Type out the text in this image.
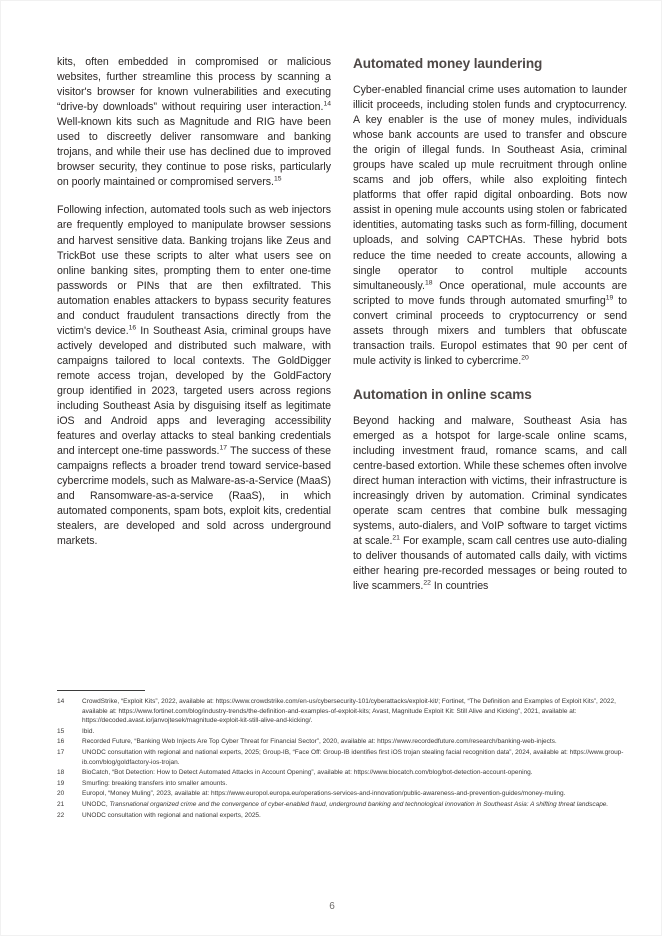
kits, often embedded in compromised or malicious websites, further streamline this process by scanning a visitor's browser for known vulnerabilities and executing “drive-by downloads” without requiring user interaction.$^{14}$ Well-known kits such as Magnitude and RIG have been used to discreetly deliver ransomware and banking trojans, and while their use has declined due to improved browser security, they continue to pose risks, particularly on poorly maintained or compromised servers.$^{15}$

Following infection, automated tools such as web injectors are frequently employed to manipulate browser sessions and harvest sensitive data. Banking trojans like Zeus and TrickBot use these scripts to alter what users see on online banking sites, prompting them to enter one-time passwords or PINs that are then exfiltrated. This automation enables attackers to bypass security features and conduct fraudulent transactions directly from the victim's device.$^{16}$ In Southeast Asia, criminal groups have actively developed and distributed such malware, with campaigns tailored to local contexts. The GoldDigger remote access trojan, developed by the GoldFactory group identified in 2023, targeted users across regions including Southeast Asia by disguising itself as legitimate iOS and Android apps and leveraging accessibility features and overlay attacks to steal banking credentials and intercept one-time passwords.$^{17}$ The success of these campaigns reflects a broader trend toward service-based cybercrime models, such as Malware-as-a-Service (MaaS) and Ransomware-as-a-service (RaaS), in which automated components, spam bots, exploit kits, credential stealers, are developed and sold across underground markets.

Automated money laundering

Cyber-enabled financial crime uses automation to launder illicit proceeds, including stolen funds and cryptocurrency. A key enabler is the use of money mules, individuals whose bank accounts are used to transfer and obscure the origin of illegal funds. In Southeast Asia, criminal groups have scaled up mule recruitment through online scams and job offers, while also exploiting fintech platforms that offer rapid digital onboarding. Bots now assist in opening mule accounts using stolen or fabricated identities, automating tasks such as form-filling, document uploads, and solving CAPTCHAs. These hybrid bots reduce the time needed to create accounts, allowing a single operator to control multiple accounts simultaneously.$^{18}$ Once operational, mule accounts are scripted to move funds through automated smurfing$^{19}$ to convert criminal proceeds to cryptocurrency or send assets through mixers and tumblers that obfuscate transaction trails. Europol estimates that 90 per cent of mule activity is linked to cybercrime.$^{20}$

Automation in online scams

Beyond hacking and malware, Southeast Asia has emerged as a hotspot for large-scale online scams, including investment fraud, romance scams, and call centre-based extortion. While these schemes often involve direct human interaction with victims, their infrastructure is increasingly driven by automation. Criminal syndicates operate scam centres that combine bulk messaging systems, auto-dialers, and VoIP software to target victims at scale.$^{21}$ For example, scam call centres use auto-dialing to deliver thousands of automated calls daily, with victims either hearing pre-recorded messages or being routed to live scammers.$^{22}$ In countries

14	CrowdStrike, “Exploit Kits”, 2022, available at: https://www.crowdstrike.com/en-us/cybersecurity-101/cyberattacks/exploit-kit/; Fortinet, “The Definition and Examples of Exploit Kits”, 2022, available at: https://www.fortinet.com/blog/industry-trends/the-definition-and-examples-of-exploit-kits; Avast, Magnitude Exploit Kit: Still Alive and Kicking”, 2021, available at: https://decoded.avast.io/janvojtesek/magnitude-exploit-kit-still-alive-and-kicking/.
15	Ibid.
16	Recorded Future, “Banking Web Injects Are Top Cyber Threat for Financial Sector”, 2020, available at: https://www.recordedfuture.com/research/banking-web-injects.
17	UNODC consultation with regional and national experts, 2025; Group-IB, “Face Off: Group-IB identifies first iOS trojan stealing facial recognition data”, 2024, available at: https://www.group-ib.com/blog/goldfactory-ios-trojan.
18	BioCatch, “Bot Detection: How to Detect Automated Attacks in Account Opening”, available at: https://www.biocatch.com/blog/bot-detection-account-opening.
19	Smurfing: breaking transfers into smaller amounts.
20	Europol, “Money Muling”, 2023, available at: https://www.europol.europa.eu/operations-services-and-innovation/public-awareness-and-prevention-guides/money-muling.
21	UNODC, Transnational organized crime and the convergence of cyber-enabled fraud, underground banking and technological innovation in Southeast Asia: A shifting threat landscape.
22	UNODC consultation with regional and national experts, 2025.
6
